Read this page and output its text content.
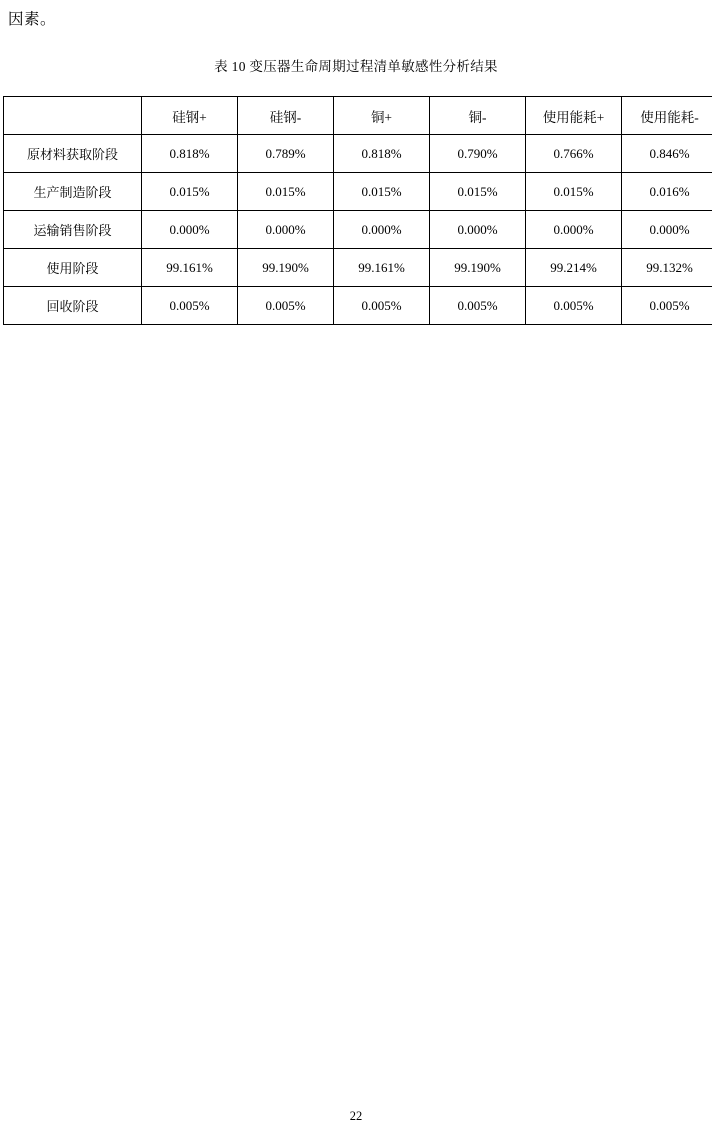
因素。
表 10 变压器生命周期过程清单敏感性分析结果
	硅钢+	硅钢-	铜+	铜-	使用能耗+	使用能耗-
原材料获取阶段	0.818%	0.789%	0.818%	0.790%	0.766%	0.846%
生产制造阶段	0.015%	0.015%	0.015%	0.015%	0.015%	0.016%
运输销售阶段	0.000%	0.000%	0.000%	0.000%	0.000%	0.000%
使用阶段	99.161%	99.190%	99.161%	99.190%	99.214%	99.132%
回收阶段	0.005%	0.005%	0.005%	0.005%	0.005%	0.005%
22
